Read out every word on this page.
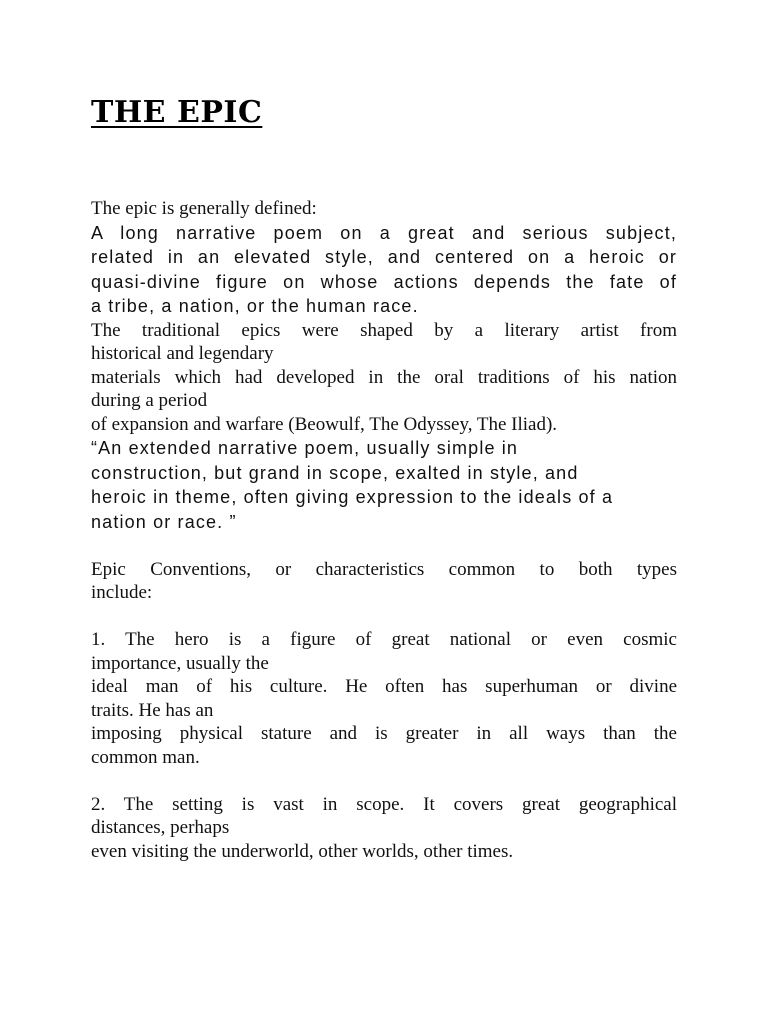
THE EPIC

The epic is generally defined:

A long narrative poem on a great and serious subject,
related in an elevated style, and centered on a heroic or
quasi-divine figure on whose actions depends the fate of
a tribe, a nation, or the human race.

The traditional epics were shaped by a literary artist from
historical and legendary
materials which had developed in the oral traditions of his nation
during a period
of expansion and warfare (Beowulf, The Odyssey, The Iliad).

“An extended narrative poem, usually simple in
construction, but grand in scope, exalted in style, and
heroic in theme, often giving expression to the ideals of a
nation or race. ”

Epic Conventions, or characteristics common to both types
include:

1. The hero is a figure of great national or even cosmic
importance, usually the
ideal man of his culture. He often has superhuman or divine
traits. He has an
imposing physical stature and is greater in all ways than the
common man.

2. The setting is vast in scope. It covers great geographical
distances, perhaps
even visiting the underworld, other worlds, other times.
